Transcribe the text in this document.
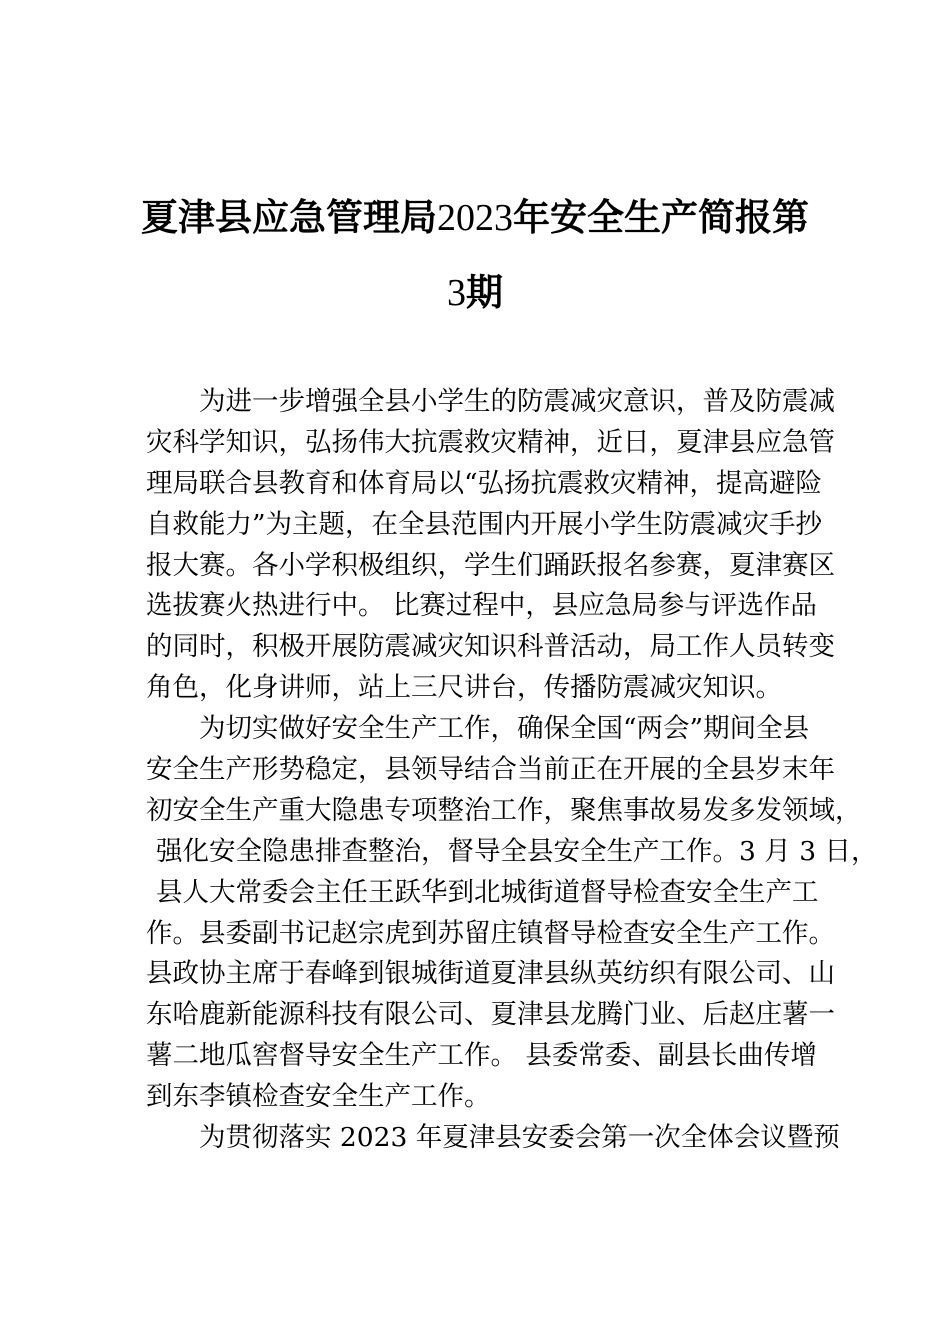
夏津县应急管理局2023年安全生产简报第
3期
为进一步增强全县小学生的防震减灾意识，普及防震减
灾科学知识，弘扬伟大抗震救灾精神，近日，夏津县应急管
理局联合县教育和体育局以“弘扬抗震救灾精神，提高避险
自救能力”为主题，在全县范围内开展小学生防震减灾手抄
报大赛。各小学积极组织，学生们踊跃报名参赛，夏津赛区
选拔赛火热进行中。 比赛过程中，县应急局参与评选作品
的同时，积极开展防震减灾知识科普活动，局工作人员转变
角色，化身讲师，站上三尺讲台，传播防震减灾知识。
为切实做好安全生产工作，确保全国“两会”期间全县
安全生产形势稳定，县领导结合当前正在开展的全县岁末年
初安全生产重大隐患专项整治工作，聚焦事故易发多发领域，
强化安全隐患排查整治，督导全县安全生产工作。3 月 3 日，
县人大常委会主任王跃华到北城街道督导检查安全生产工
作。县委副书记赵宗虎到苏留庄镇督导检查安全生产工作。
县政协主席于春峰到银城街道夏津县纵英纺织有限公司、山
东哈鹿新能源科技有限公司、夏津县龙腾门业、后赵庄薯一
薯二地瓜窖督导安全生产工作。 县委常委、副县长曲传增
到东李镇检查安全生产工作。
为贯彻落实 2023 年夏津县安委会第一次全体会议暨预
